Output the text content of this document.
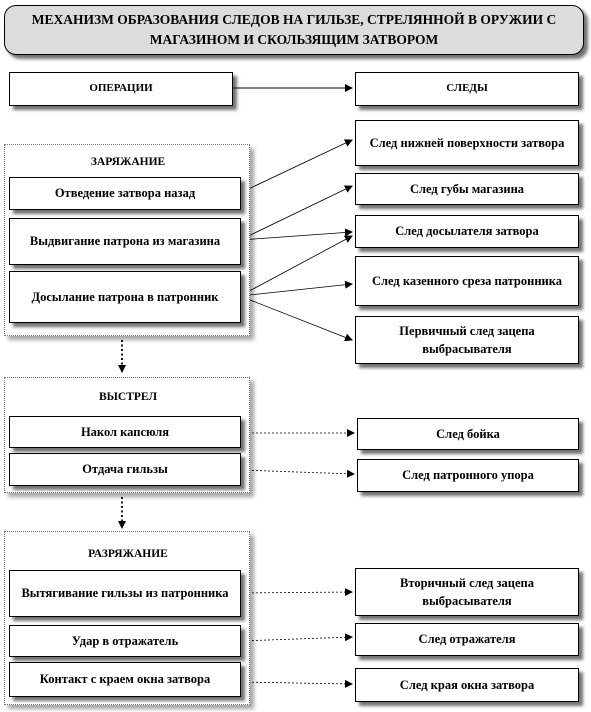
МЕХАНИЗМ ОБРАЗОВАНИЯ СЛЕДОВ НА ГИЛЬЗЕ, СТРЕЛЯННОЙ В ОРУЖИИ С МАГАЗИНОМ И СКОЛЬЗЯЩИМ ЗАТВОРОМ
ОПЕРАЦИИ	СЛЕДЫ
ЗАРЯЖАНИЕ
Отведение затвора назад
Выдвигание патрона из магазина
Досылание патрона в патронник
ВЫСТРЕЛ
Накол капсюля
Отдача гильзы
РАЗРЯЖАНИЕ
Вытягивание гильзы из патронника
Удар в отражатель
Контакт с краем окна затвора
След нижней поверхности затвора
След губы магазина
След досылателя затвора
След казенного среза патронника
Первичный след зацепа выбрасывателя
След бойка
След патронного упора
Вторичный след зацепа выбрасывателя
След отражателя
След края окна затвора
